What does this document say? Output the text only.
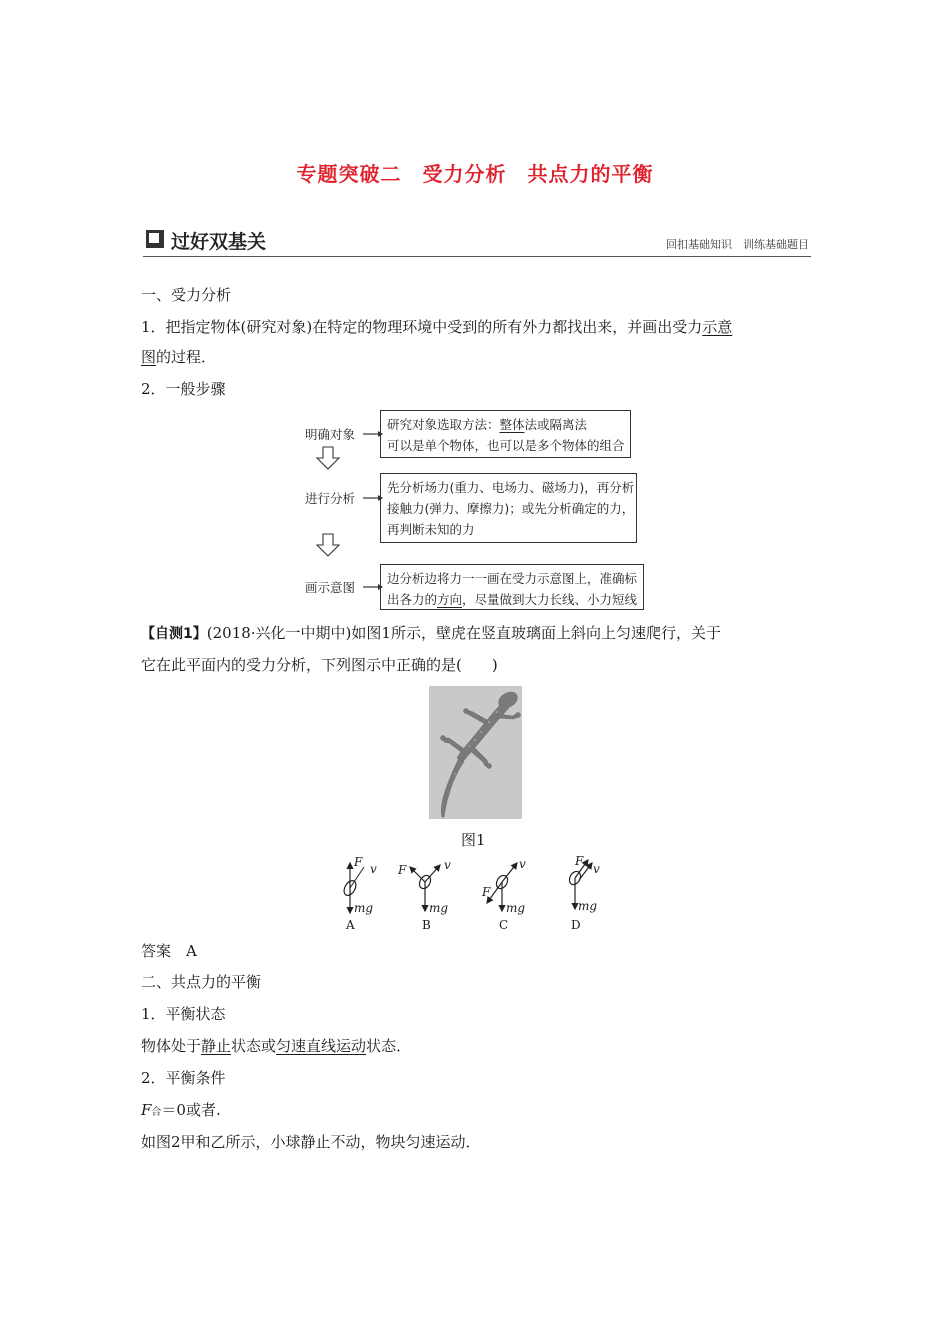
专题突破二　受力分析　共点力的平衡
过好双基关	回扣基础知识　训练基础题目
一、受力分析
1．把指定物体(研究对象)在特定的物理环境中受到的所有外力都找出来，并画出受力示意
图的过程．
2．一般步骤
明确对象
研究对象选取方法：整体法或隔离法
可以是单个物体，也可以是多个物体的组合
进行分析
先分析场力(重力、电场力、磁场力)，再分析
接触力(弹力、摩擦力)；或先分析确定的力，
再判断未知的力
画示意图
边分析边将力一一画在受力示意图上，准确标
出各力的方向，尽量做到大力长线、小力短线
【自测1】(2018·兴化一中期中)如图1所示，壁虎在竖直玻璃面上斜向上匀速爬行，关于
它在此平面内的受力分析，下列图示中正确的是(　　)
图1
F v
mg
A
F	v
mg
B
F
v
mg
C
F
v
mg
D
答案　A
二、共点力的平衡
1．平衡状态
物体处于静止状态或匀速直线运动状态．
2．平衡条件
F合＝0或者.
如图2甲和乙所示，小球静止不动，物块匀速运动．
